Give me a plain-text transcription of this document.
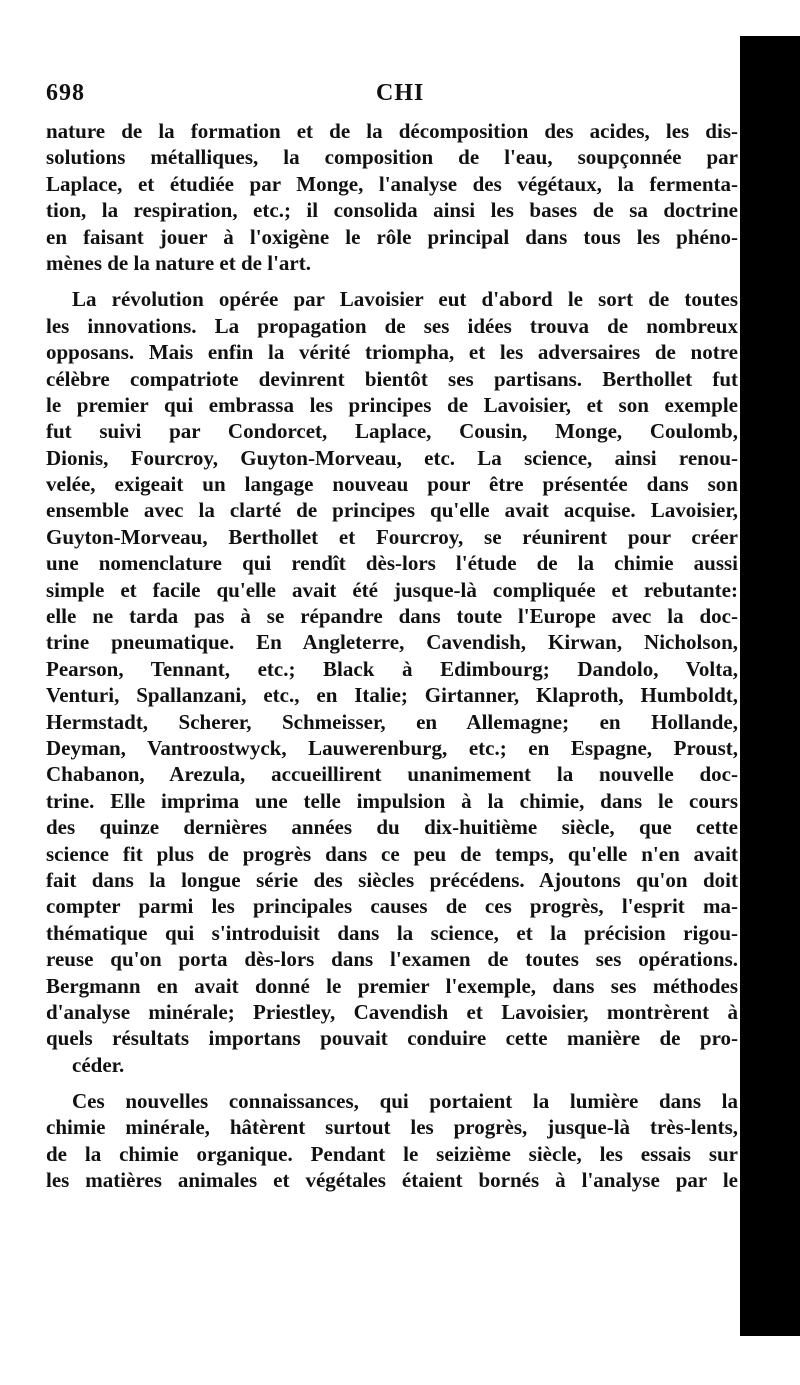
698	CHI
nature de la formation et de la décomposition des acides, les dis-
solutions métalliques, la composition de l'eau, soupçonnée par
Laplace, et étudiée par Monge, l'analyse des végétaux, la fermenta-
tion, la respiration, etc.; il consolida ainsi les bases de sa doctrine
en faisant jouer à l'oxigène le rôle principal dans tous les phéno-
mènes de la nature et de l'art.
La révolution opérée par Lavoisier eut d'abord le sort de toutes
les innovations. La propagation de ses idées trouva de nombreux
opposans. Mais enfin la vérité triompha, et les adversaires de notre
célèbre compatriote devinrent bientôt ses partisans. Berthollet fut
le premier qui embrassa les principes de Lavoisier, et son exemple
fut suivi par Condorcet, Laplace, Cousin, Monge, Coulomb,
Dionis, Fourcroy, Guyton-Morveau, etc. La science, ainsi renou-
velée, exigeait un langage nouveau pour être présentée dans son
ensemble avec la clarté de principes qu'elle avait acquise. Lavoisier,
Guyton-Morveau, Berthollet et Fourcroy, se réunirent pour créer
une nomenclature qui rendît dès-lors l'étude de la chimie aussi
simple et facile qu'elle avait été jusque-là compliquée et rebutante:
elle ne tarda pas à se répandre dans toute l'Europe avec la doc-
trine pneumatique. En Angleterre, Cavendish, Kirwan, Nicholson,
Pearson, Tennant, etc.; Black à Edimbourg; Dandolo, Volta,
Venturi, Spallanzani, etc., en Italie; Girtanner, Klaproth, Humboldt,
Hermstadt, Scherer, Schmeisser, en Allemagne; en Hollande,
Deyman, Vantroostwyck, Lauwerenburg, etc.; en Espagne, Proust,
Chabanon, Arezula, accueillirent unanimement la nouvelle doc-
trine. Elle imprima une telle impulsion à la chimie, dans le cours
des quinze dernières années du dix-huitième siècle, que cette
science fit plus de progrès dans ce peu de temps, qu'elle n'en avait
fait dans la longue série des siècles précédens. Ajoutons qu'on doit
compter parmi les principales causes de ces progrès, l'esprit ma-
thématique qui s'introduisit dans la science, et la précision rigou-
reuse qu'on porta dès-lors dans l'examen de toutes ses opérations.
Bergmann en avait donné le premier l'exemple, dans ses méthodes
d'analyse minérale; Priestley, Cavendish et Lavoisier, montrèrent à
quels résultats importans pouvait conduire cette manière de pro-
céder.
Ces nouvelles connaissances, qui portaient la lumière dans la
chimie minérale, hâtèrent surtout les progrès, jusque-là très-lents,
de la chimie organique. Pendant le seizième siècle, les essais sur
les matières animales et végétales étaient bornés à l'analyse par le
